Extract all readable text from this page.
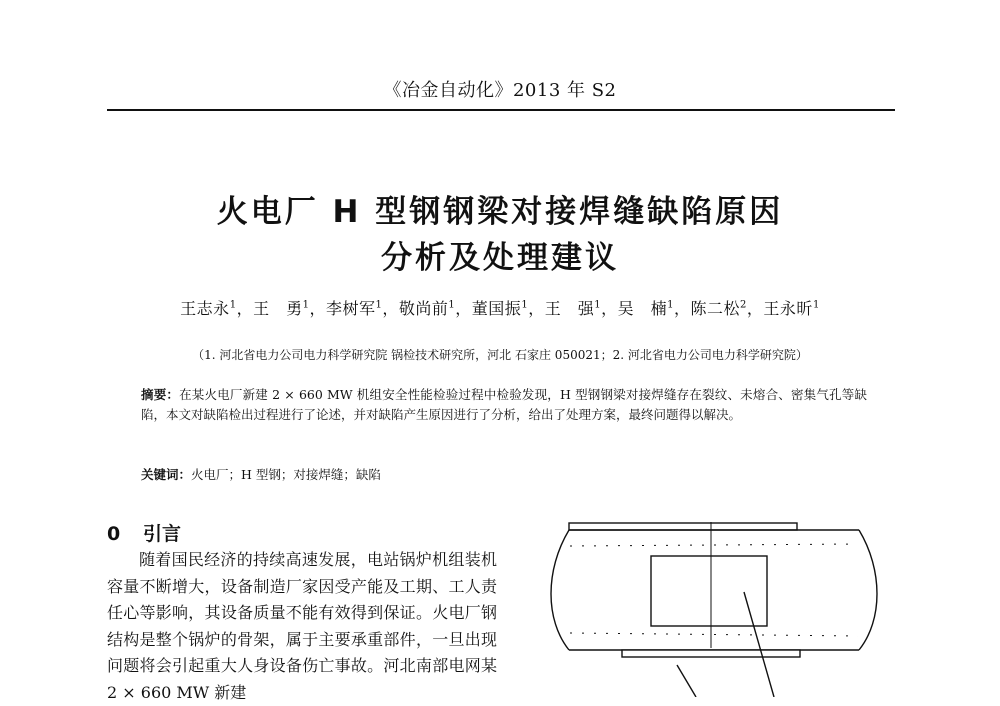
《冶金自动化》2013 年 S2
火电厂 H 型钢钢梁对接焊缝缺陷原因
分析及处理建议
王志永$^1$，王　勇$^1$，李树军$^1$，敬尚前$^1$，董国振$^1$，王　强$^1$，吴　楠$^1$，陈二松$^2$，王永昕$^1$
（1. 河北省电力公司电力科学研究院 锅检技术研究所，河北 石家庄 050021；2. 河北省电力公司电力科学研究院）
摘要：在某火电厂新建 2 × 660 MW 机组安全性能检验过程中检验发现，H 型钢钢梁对接焊缝存在裂纹、未熔合、密集气孔等缺陷，本文对缺陷检出过程进行了论述，并对缺陷产生原因进行了分析，给出了处理方案，最终问题得以解决。
关键词：火电厂；H 型钢；对接焊缝；缺陷
0 引言

随着国民经济的持续高速发展，电站锅炉机组装机容量不断增大，设备制造厂家因受产能及工期、工人责任心等影响，其设备质量不能有效得到保证。火电厂钢结构是整个锅炉的骨架，属于主要承重部件，一旦出现问题将会引起重大人身设备伤亡事故。河北南部电网某 2 × 660 MW 新建
